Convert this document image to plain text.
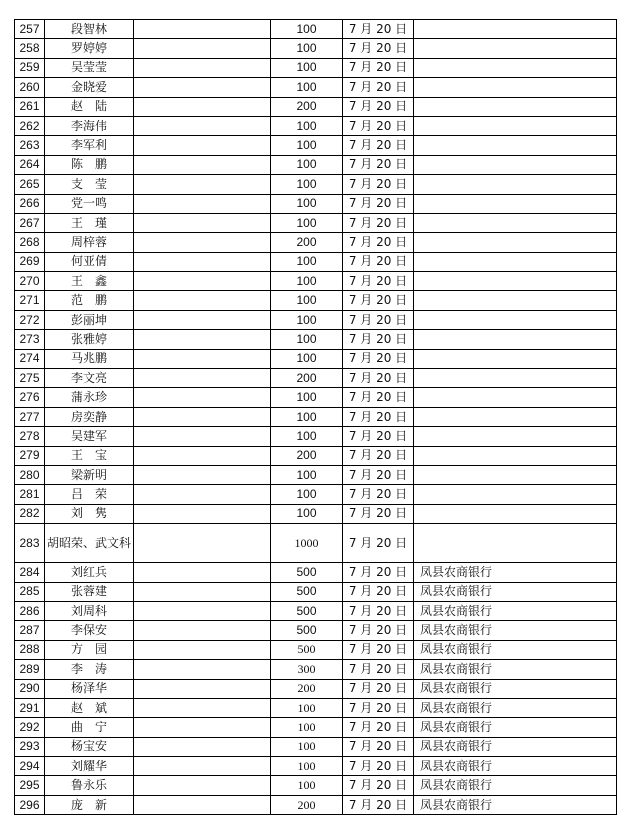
257	段智林		100	7 月 20 日	
258	罗婷婷		100	7 月 20 日	
259	吴莹莹		100	7 月 20 日	
260	金晓爱		100	7 月 20 日	
261	赵　陆		200	7 月 20 日	
262	李海伟		100	7 月 20 日	
263	李军利		100	7 月 20 日	
264	陈　鹏		100	7 月 20 日	
265	支　莹		100	7 月 20 日	
266	党一鸣		100	7 月 20 日	
267	王　瑾		100	7 月 20 日	
268	周梓蓉		200	7 月 20 日	
269	何亚倩		100	7 月 20 日	
270	王　鑫		100	7 月 20 日	
271	范　鹏		100	7 月 20 日	
272	彭丽坤		100	7 月 20 日	
273	张雅婷		100	7 月 20 日	
274	马兆鹏		100	7 月 20 日	
275	李文亮		200	7 月 20 日	
276	蒲永珍		100	7 月 20 日	
277	房奕静		100	7 月 20 日	
278	吴建军		100	7 月 20 日	
279	王　宝		200	7 月 20 日	
280	梁新明		100	7 月 20 日	
281	吕　荣		100	7 月 20 日	
282	刘　隽		100	7 月 20 日	
283	胡昭荣、武文科		1000	7 月 20 日	
284	刘红兵		500	7 月 20 日	凤县农商银行
285	张蓉建		500	7 月 20 日	凤县农商银行
286	刘周科		500	7 月 20 日	凤县农商银行
287	李保安		500	7 月 20 日	凤县农商银行
288	方　园		500	7 月 20 日	凤县农商银行
289	李　涛		300	7 月 20 日	凤县农商银行
290	杨泽华		200	7 月 20 日	凤县农商银行
291	赵　斌		100	7 月 20 日	凤县农商银行
292	曲　宁		100	7 月 20 日	凤县农商银行
293	杨宝安		100	7 月 20 日	凤县农商银行
294	刘耀华		100	7 月 20 日	凤县农商银行
295	鲁永乐		100	7 月 20 日	凤县农商银行
296	庞　新		200	7 月 20 日	凤县农商银行
